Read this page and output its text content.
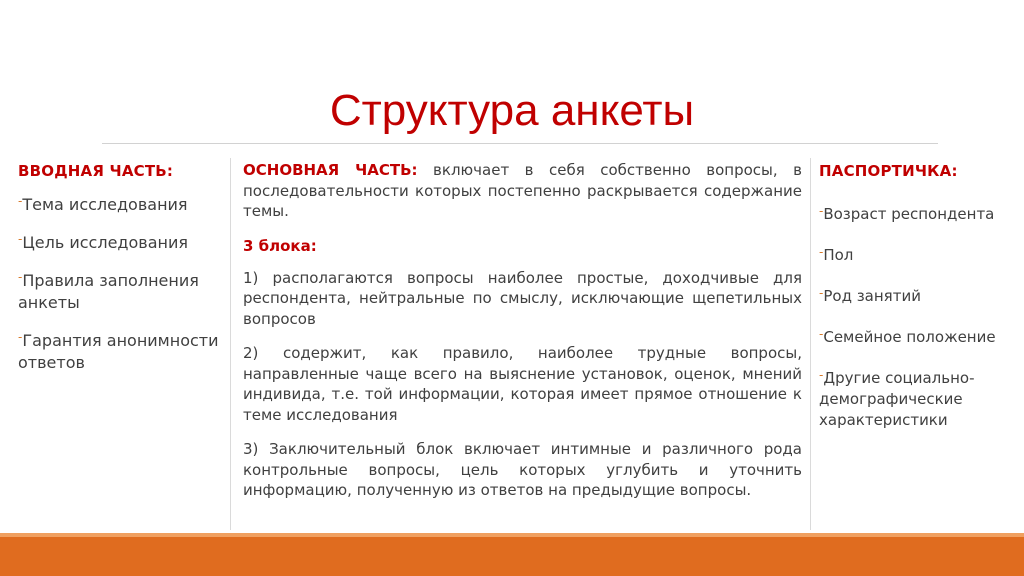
Структура анкеты
ВВОДНАЯ ЧАСТЬ:
-Тема исследования
-Цель исследования
-Правила заполнения анкеты
-Гарантия анонимности ответов

ОСНОВНАЯ ЧАСТЬ: включает в себя собственно вопросы, в последовательности которых постепенно раскрывается содержание темы.

3 блока:

1) располагаются вопросы наиболее простые, доходчивые для респондента, нейтральные по смыслу, исключающие щепетильных вопросов

2) содержит, как правило, наиболее трудные вопросы, направленные чаще всего на выяснение установок, оценок, мнений индивида, т.е. той информации, которая имеет прямое отношение к теме исследования

3) Заключительный блок включает интимные и различного рода контрольные вопросы, цель которых углубить и уточнить информацию, полученную из ответов на предыдущие вопросы.

ПАСПОРТИЧКА:
-Возраст респондента
-Пол
-Род занятий
-Семейное положение
-Другие социально-демографические характеристики
